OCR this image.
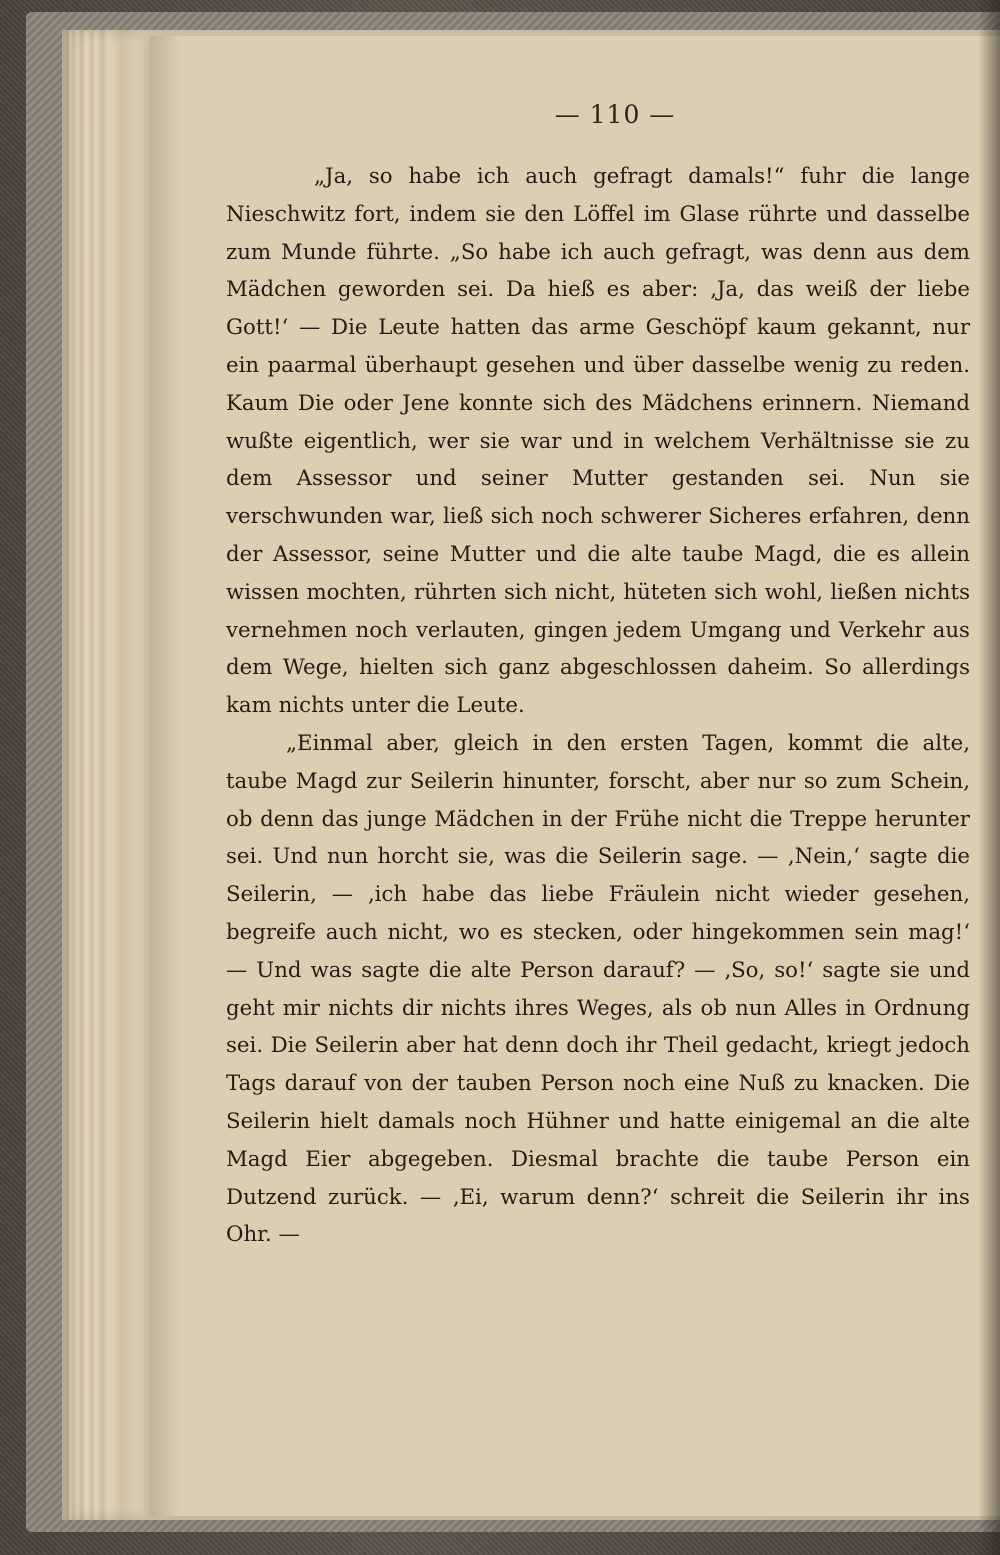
— 110 —

„Ja, so habe ich auch gefragt damals!“ fuhr die lange Nieschwitz fort, indem sie den Löffel im Glase rührte und dasselbe zum Munde führte. „So habe ich auch gefragt, was denn aus dem Mädchen geworden sei. Da hieß es aber: ‚Ja, das weiß der liebe Gott!‘ — Die Leute hatten das arme Geschöpf kaum gekannt, nur ein paarmal überhaupt gesehen und über dasselbe wenig zu reden. Kaum Die oder Jene konnte sich des Mädchens erinnern. Niemand wußte eigentlich, wer sie war und in welchem Verhältnisse sie zu dem Assessor und seiner Mutter gestanden sei. Nun sie verschwunden war, ließ sich noch schwerer Sicheres erfahren, denn der Assessor, seine Mutter und die alte taube Magd, die es allein wissen mochten, rührten sich nicht, hüteten sich wohl, ließen nichts vernehmen noch verlauten, gingen jedem Umgang und Verkehr aus dem Wege, hielten sich ganz abgeschlossen daheim. So allerdings kam nichts unter die Leute.

„Einmal aber, gleich in den ersten Tagen, kommt die alte, taube Magd zur Seilerin hinunter, forscht, aber nur so zum Schein, ob denn das junge Mädchen in der Frühe nicht die Treppe herunter sei. Und nun horcht sie, was die Seilerin sage. — ‚Nein,‘ sagte die Seilerin, — ‚ich habe das liebe Fräulein nicht wieder gesehen, begreife auch nicht, wo es stecken, oder hingekommen sein mag!‘ — Und was sagte die alte Person darauf? — ‚So, so!‘ sagte sie und geht mir nichts dir nichts ihres Weges, als ob nun Alles in Ordnung sei. Die Seilerin aber hat denn doch ihr Theil gedacht, kriegt jedoch Tags darauf von der tauben Person noch eine Nuß zu knacken. Die Seilerin hielt damals noch Hühner und hatte einigemal an die alte Magd Eier abgegeben. Diesmal brachte die taube Person ein Dutzend zurück. — ‚Ei, warum denn?‘ schreit die Seilerin ihr ins Ohr. —
